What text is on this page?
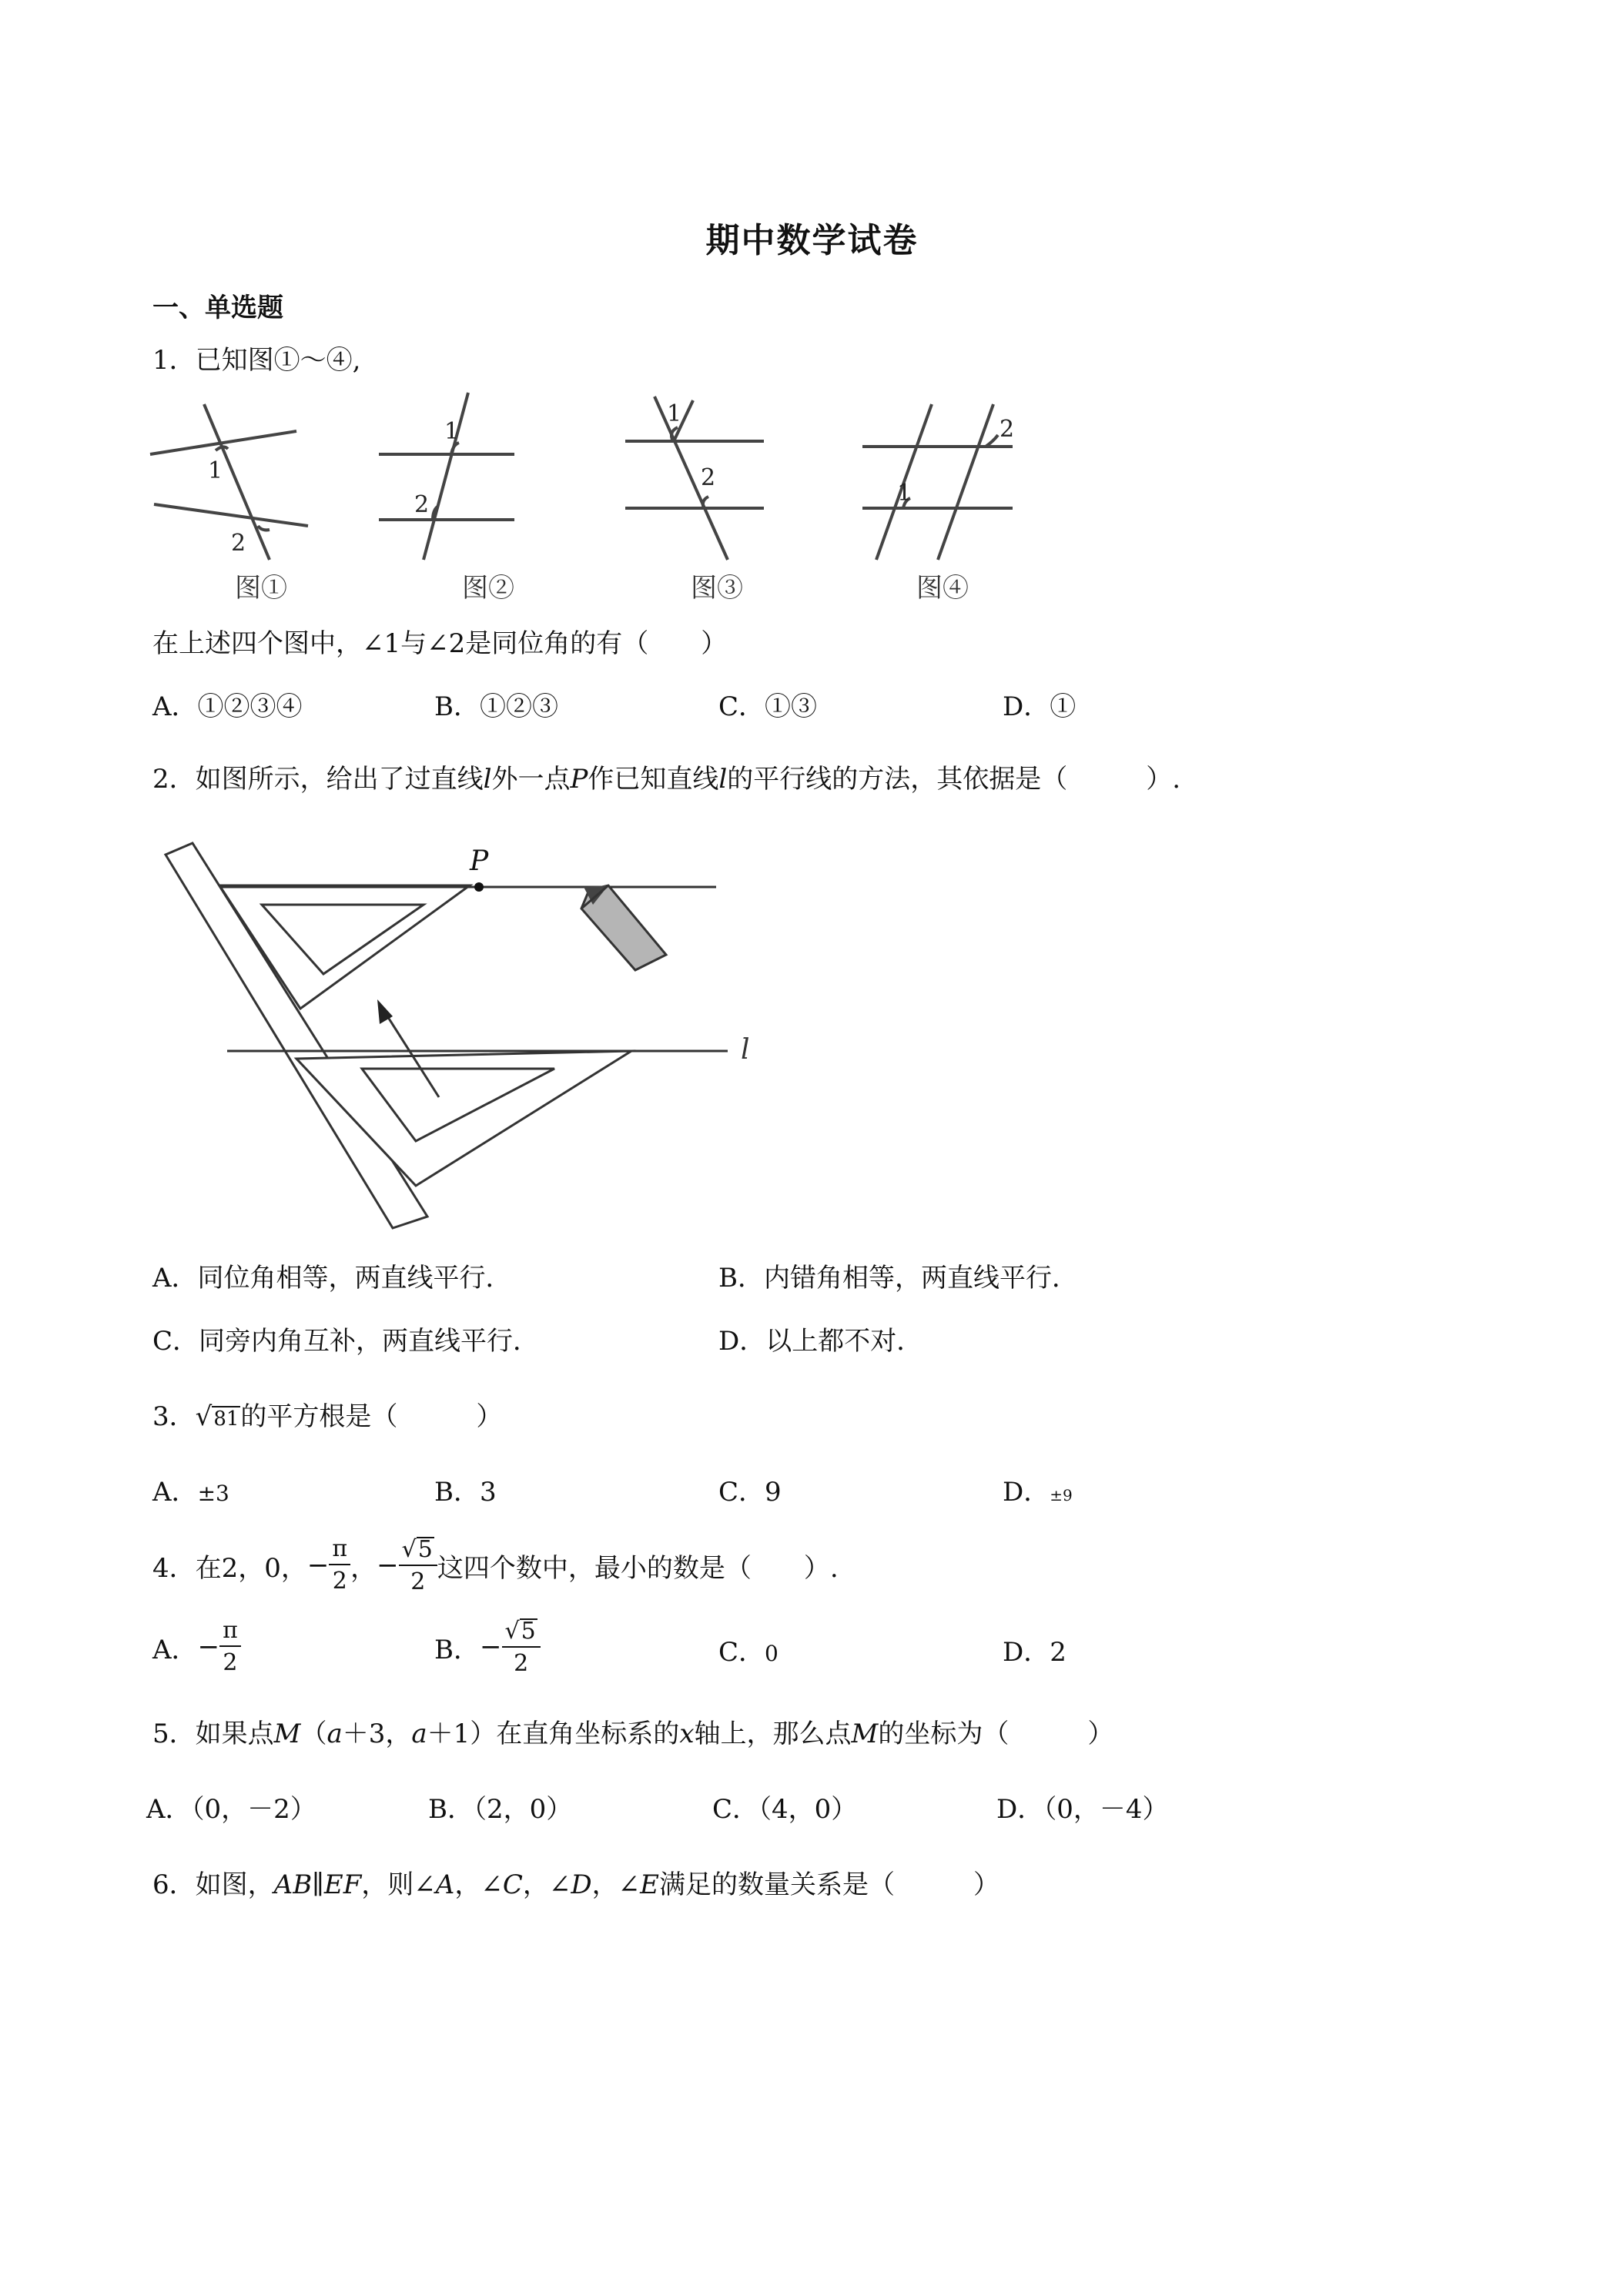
期中数学试卷
一、单选题
1．已知图①～④,
1
2
1
2
1
2
2
1
图①	图②	图③	图④
在上述四个图中，∠1与∠2是同位角的有（　　）
A．①②③④	B．①②③	C．①③	D．①
2．如图所示，给出了过直线l外一点P作已知直线l的平行线的方法，其依据是（　　　）.
P
l
A．同位角相等，两直线平行．	B．内错角相等，两直线平行．
C．同旁内角互补，两直线平行．	D．以上都不对．
3．√81的平方根是（　　　）
A．±3	B．3	C．9	D．±9
4．在2，0， − $\frac{\pi}{2}$ ， − $\frac{√5}{2}$ 这四个数中，最小的数是（　　）.
A． − $\frac{\pi}{2}$	B． − $\frac{√5}{2}$	C．0	D．2
5．如果点M（a＋3，a＋1）在直角坐标系的x轴上，那么点M的坐标为（　　　）
A．（0，－2）	B．（2，0）	C．（4，0）	D．（0，－4）
6．如图，AB∥EF，则∠A，∠C，∠D，∠E满足的数量关系是（　　　）
